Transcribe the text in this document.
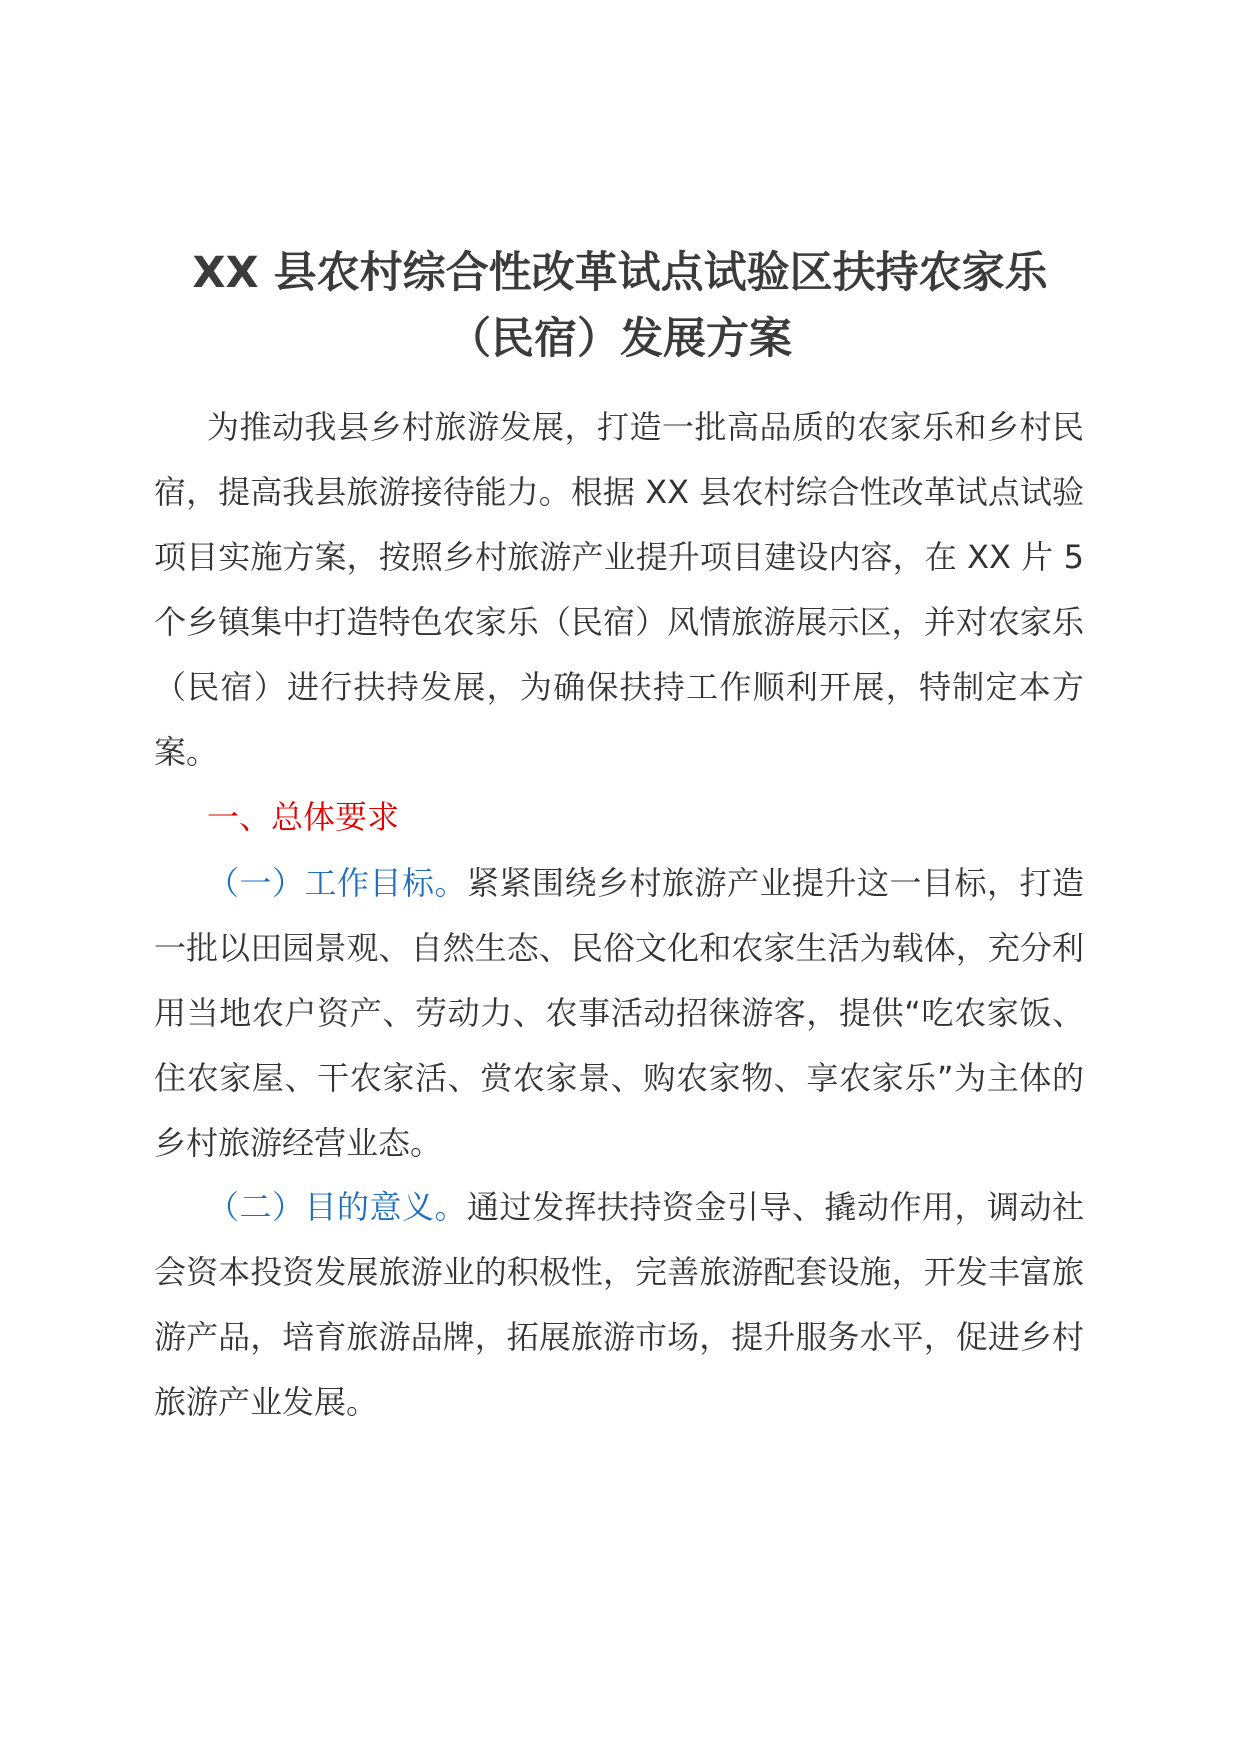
XX 县农村综合性改革试点试验区扶持农家乐
（民宿）发展方案

为推动我县乡村旅游发展，打造一批高品质的农家乐和乡村民宿，提高我县旅游接待能力。根据 XX 县农村综合性改革试点试验项目实施方案，按照乡村旅游产业提升项目建设内容，在 XX 片 5 个乡镇集中打造特色农家乐（民宿）风情旅游展示区，并对农家乐（民宿）进行扶持发展，为确保扶持工作顺利开展，特制定本方案。

一、总体要求

（一）工作目标。紧紧围绕乡村旅游产业提升这一目标，打造一批以田园景观、自然生态、民俗文化和农家生活为载体，充分利用当地农户资产、劳动力、农事活动招徕游客，提供“吃农家饭、住农家屋、干农家活、赏农家景、购农家物、享农家乐”为主体的乡村旅游经营业态。

（二）目的意义。通过发挥扶持资金引导、撬动作用，调动社会资本投资发展旅游业的积极性，完善旅游配套设施，开发丰富旅游产品，培育旅游品牌，拓展旅游市场，提升服务水平，促进乡村旅游产业发展。
